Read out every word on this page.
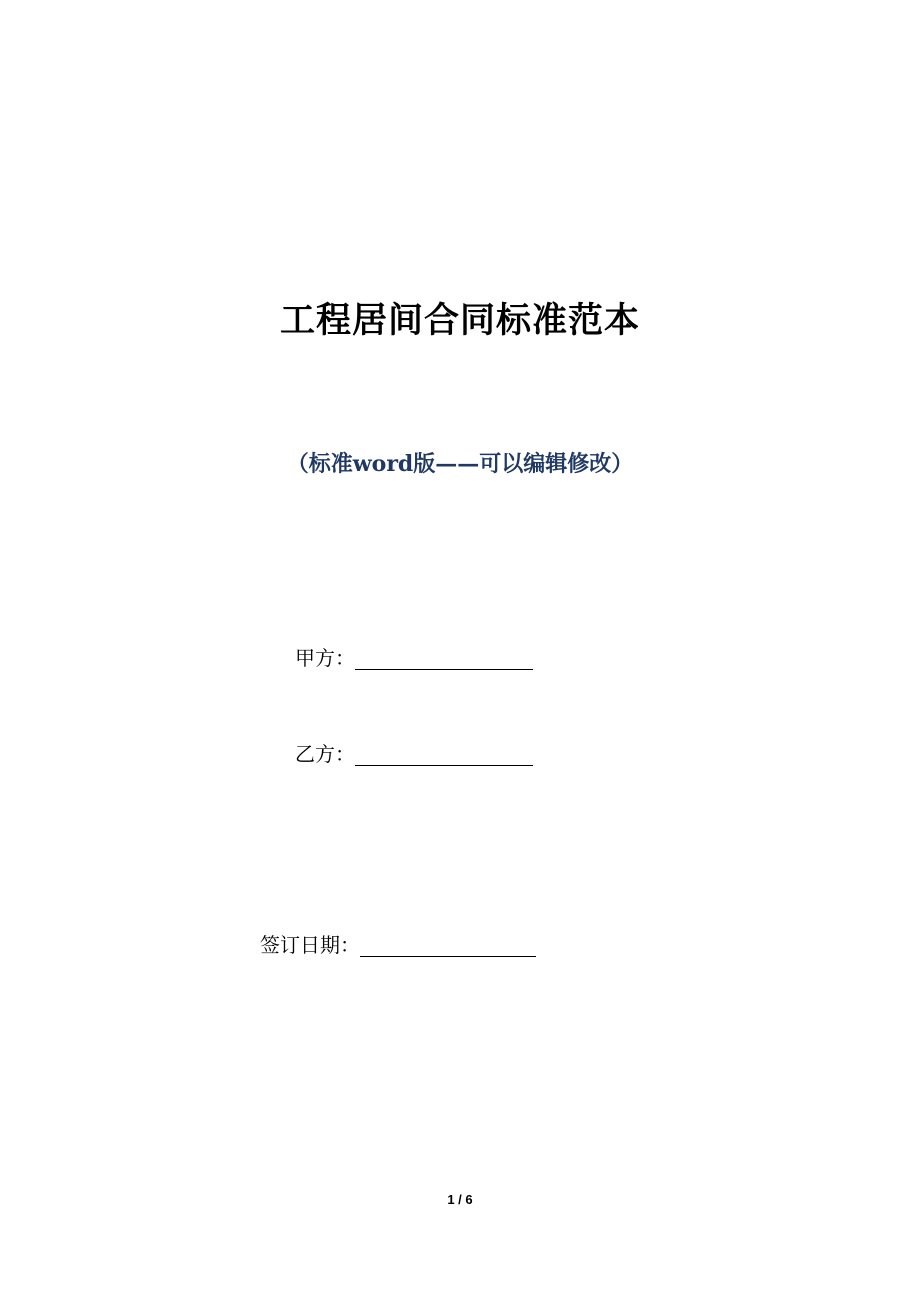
工程居间合同标准范本
（标准word版——可以编辑修改）
甲方：
乙方：
签订日期：
1 / 6
